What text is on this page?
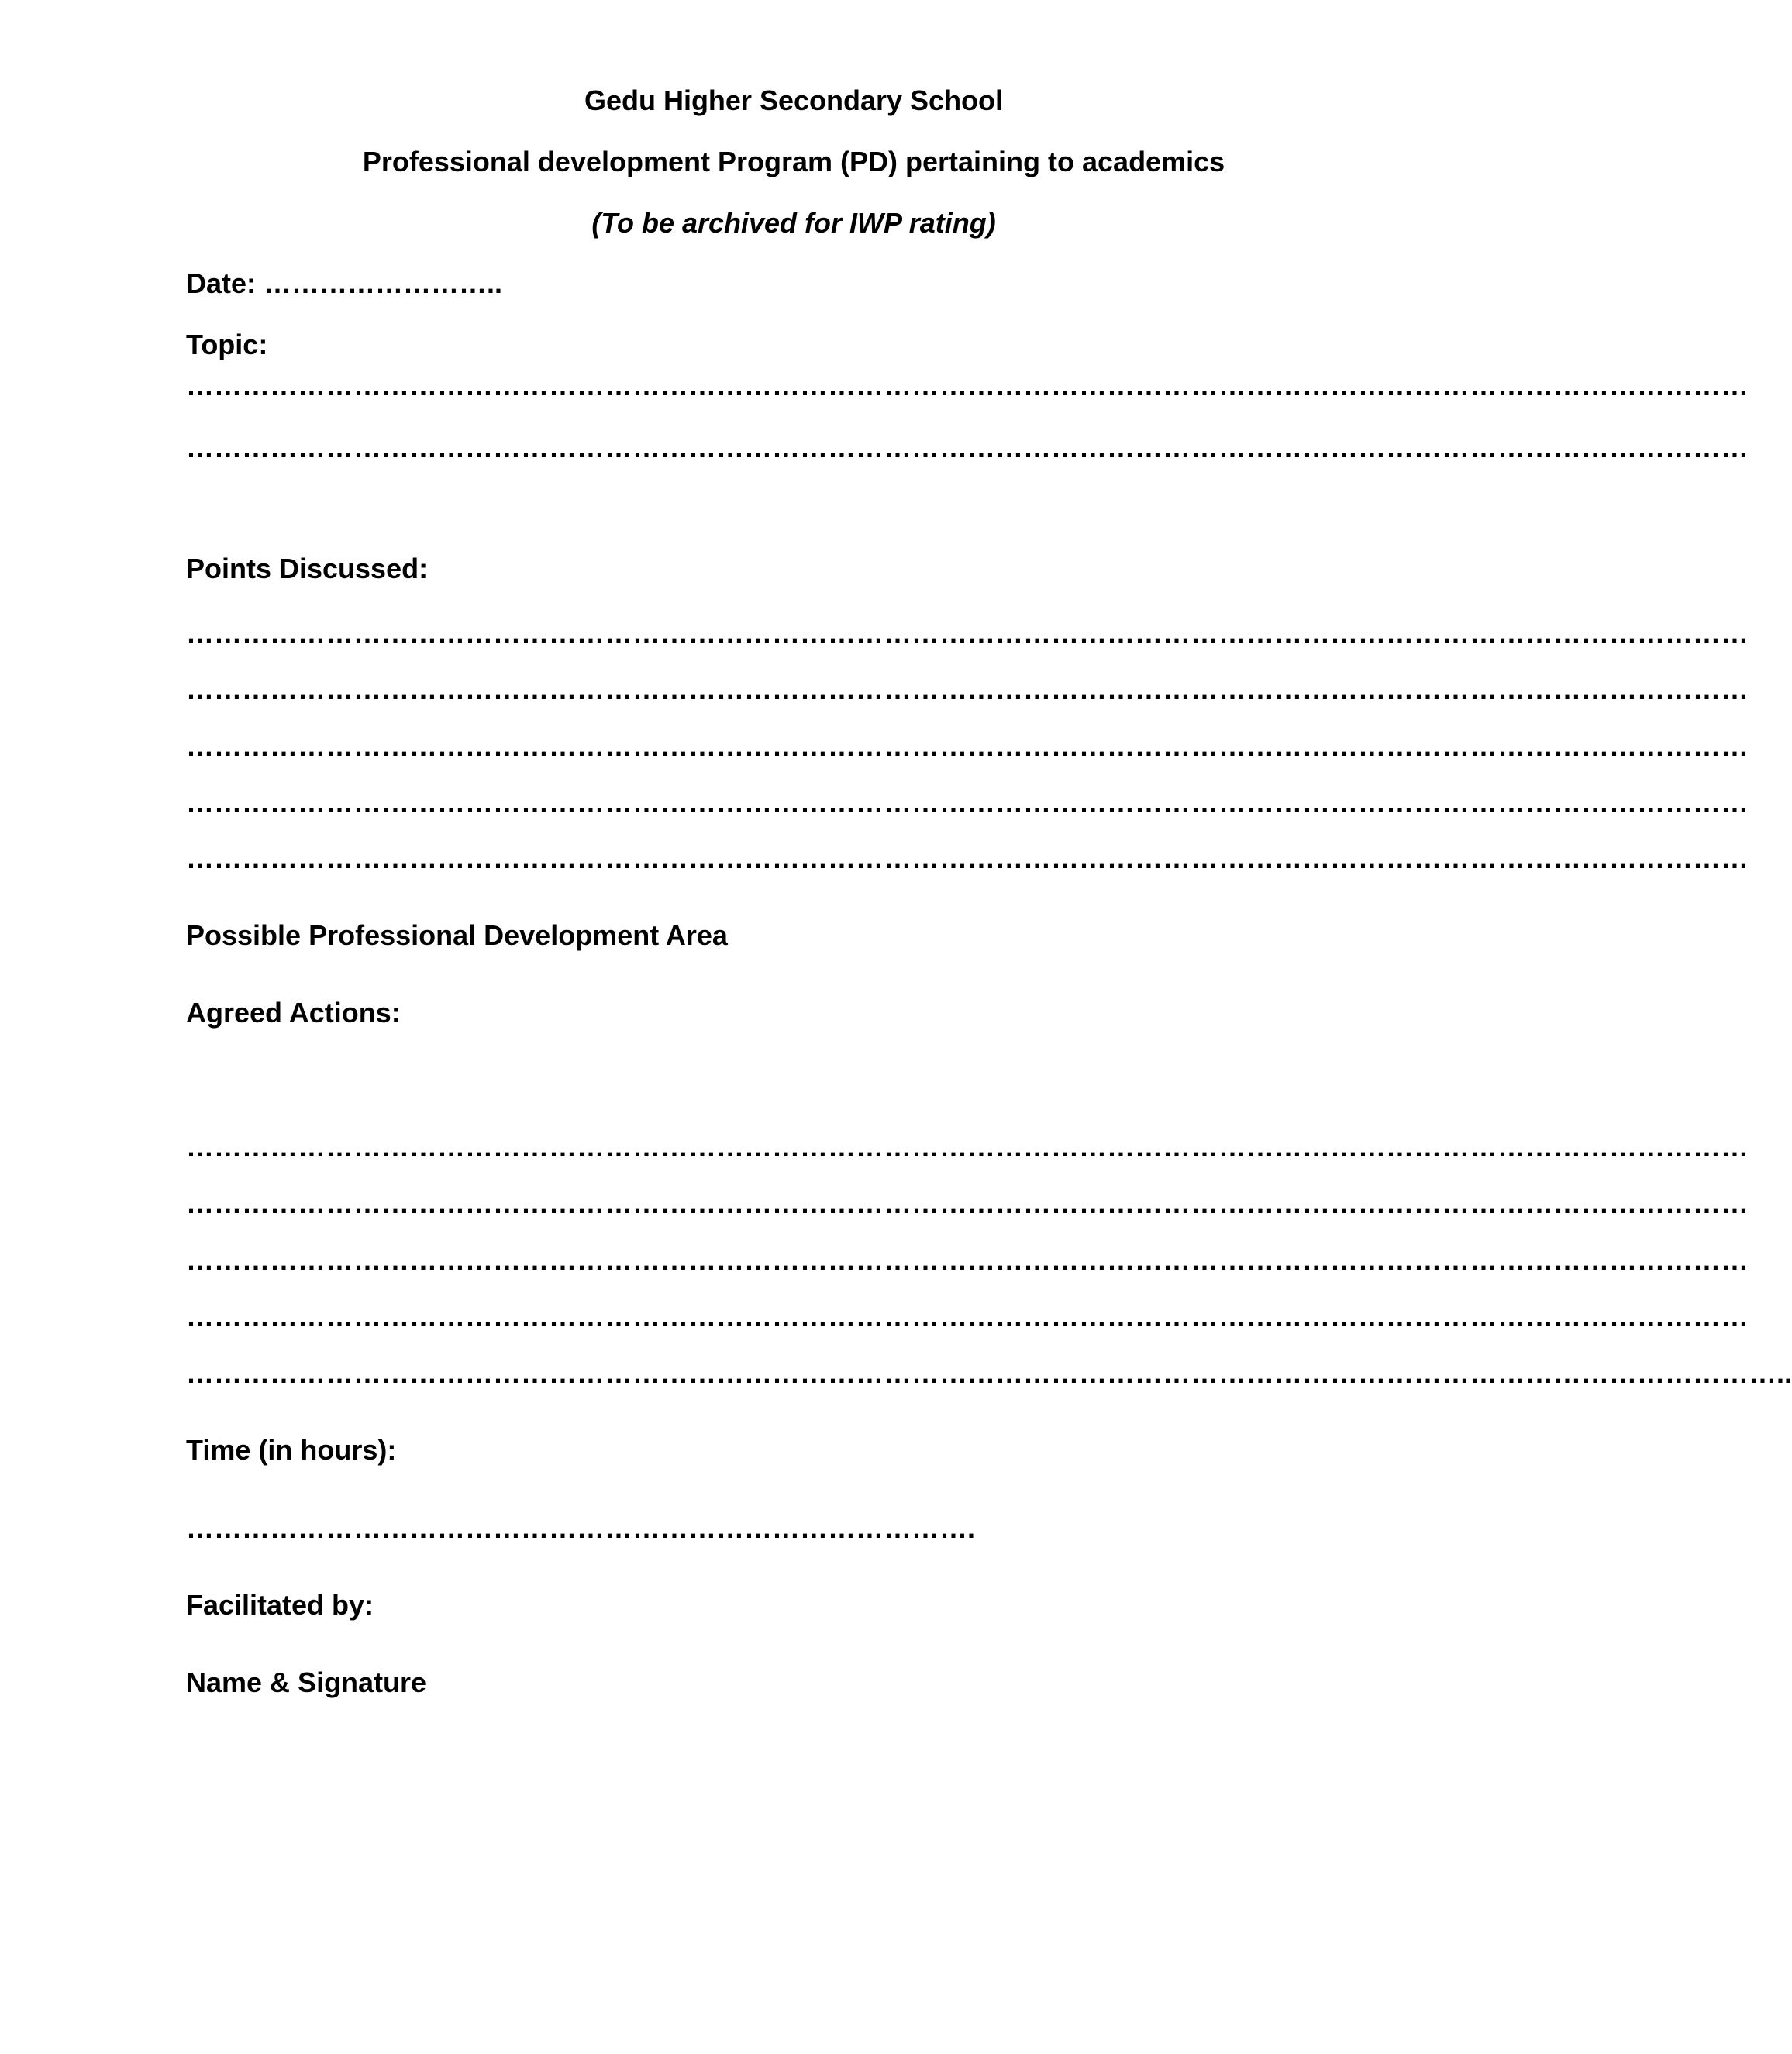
Gedu Higher Secondary School
Professional development Program (PD) pertaining to academics
(To be archived for IWP rating)
Date: ……………………..
Topic:
……………………………………………………………………………………………………………………………………………………
……………………………………………………………………………………………………………………………………………………
Points Discussed:
……………………………………………………………………………………………………………………………………………………
……………………………………………………………………………………………………………………………………………………
……………………………………………………………………………………………………………………………………………………
……………………………………………………………………………………………………………………………………………………
……………………………………………………………………………………………………………………………………………………
Possible Professional Development Area
Agreed Actions:
……………………………………………………………………………………………………………………………………………………
……………………………………………………………………………………………………………………………………………………
……………………………………………………………………………………………………………………………………………………
……………………………………………………………………………………………………………………………………………………
………………………………………………………………………………………………………………………………………………………..
Time (in hours):
………………………………………………………………………….
Facilitated by:
Name & Signature
